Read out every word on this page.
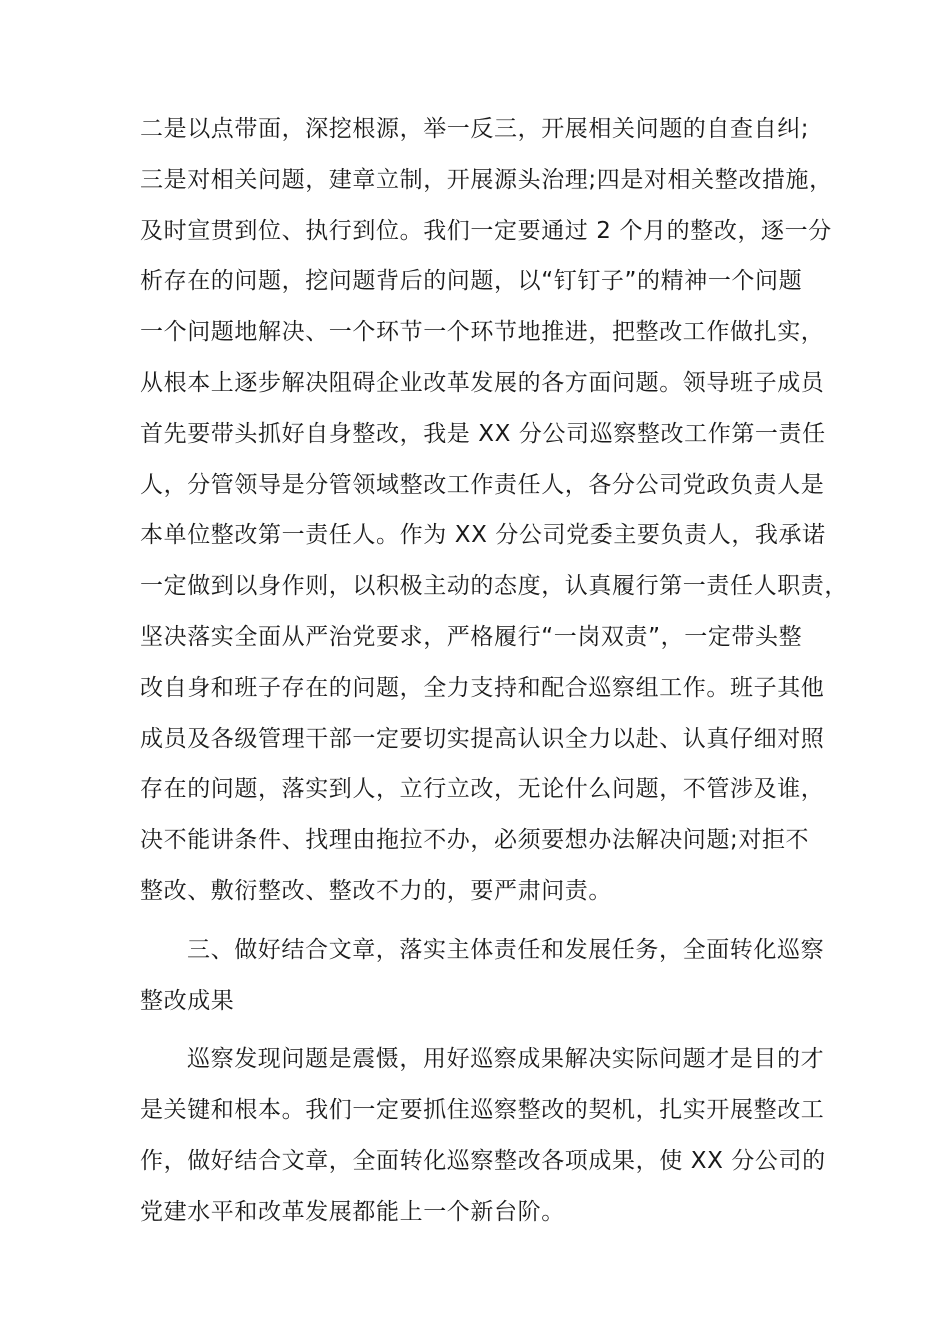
二是以点带面，深挖根源，举一反三，开展相关问题的自查自纠;
三是对相关问题，建章立制，开展源头治理;四是对相关整改措施，
及时宣贯到位、执行到位。我们一定要通过 2 个月的整改，逐一分
析存在的问题，挖问题背后的问题，以“钉钉子”的精神一个问题
一个问题地解决、一个环节一个环节地推进，把整改工作做扎实，
从根本上逐步解决阻碍企业改革发展的各方面问题。领导班子成员
首先要带头抓好自身整改，我是 XX 分公司巡察整改工作第一责任
人，分管领导是分管领域整改工作责任人，各分公司党政负责人是
本单位整改第一责任人。作为 XX 分公司党委主要负责人，我承诺
一定做到以身作则，以积极主动的态度，认真履行第一责任人职责，
坚决落实全面从严治党要求，严格履行“一岗双责”，一定带头整
改自身和班子存在的问题，全力支持和配合巡察组工作。班子其他
成员及各级管理干部一定要切实提高认识全力以赴、认真仔细对照
存在的问题，落实到人，立行立改，无论什么问题，不管涉及谁，
决不能讲条件、找理由拖拉不办，必须要想办法解决问题;对拒不
整改、敷衍整改、整改不力的，要严肃问责。
三、做好结合文章，落实主体责任和发展任务，全面转化巡察
整改成果
巡察发现问题是震慑，用好巡察成果解决实际问题才是目的才
是关键和根本。我们一定要抓住巡察整改的契机，扎实开展整改工
作，做好结合文章，全面转化巡察整改各项成果，使 XX 分公司的
党建水平和改革发展都能上一个新台阶。
